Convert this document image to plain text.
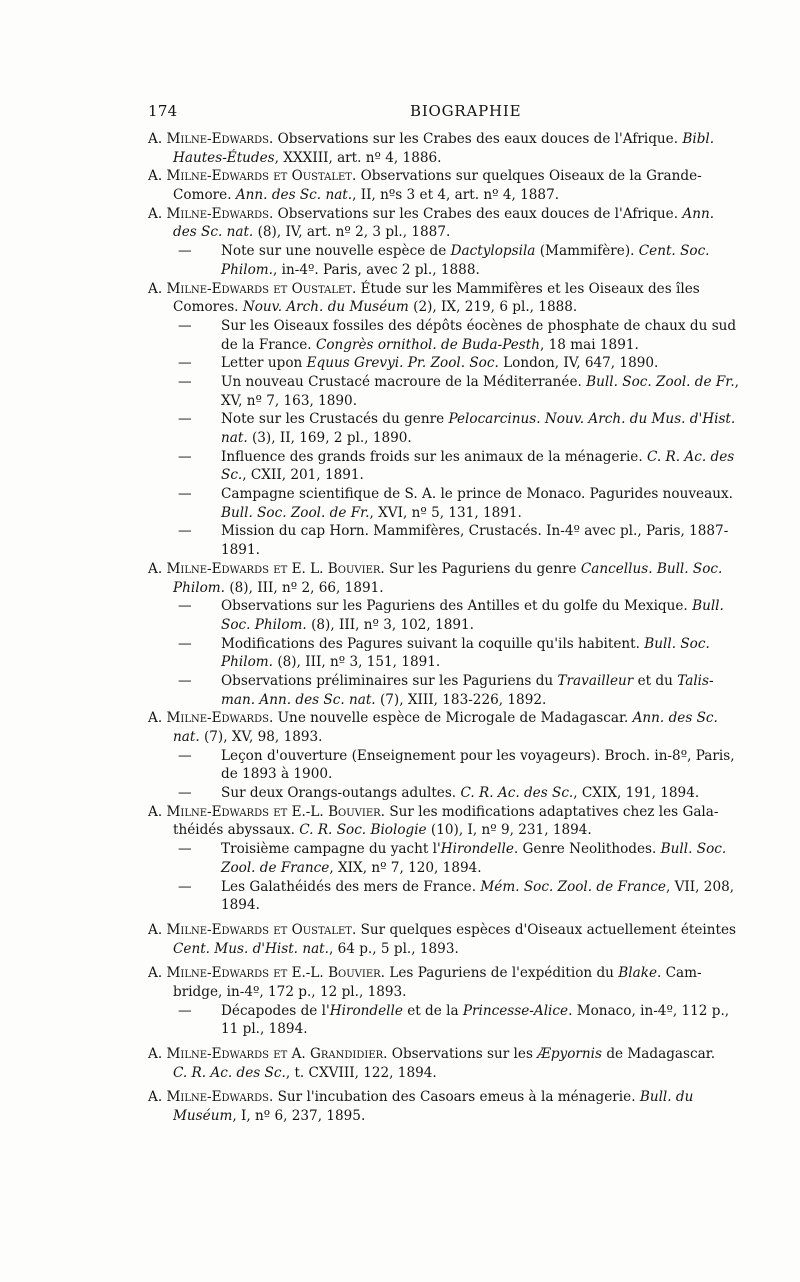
174	BIOGRAPHIE
A. Milne-Edwards. Observations sur les Crabes des eaux douces de l'Afrique. Bibl.
Hautes-Études, XXXIII, art. nº 4, 1886.
A. Milne-Edwards et Oustalet. Observations sur quelques Oiseaux de la Grande-
Comore. Ann. des Sc. nat., II, nºs 3 et 4, art. nº 4, 1887.
A. Milne-Edwards. Observations sur les Crabes des eaux douces de l'Afrique. Ann.
des Sc. nat. (8), IV, art. nº 2, 3 pl., 1887.
— Note sur une nouvelle espèce de Dactylopsila (Mammifère). Cent. Soc.
Philom., in-4º. Paris, avec 2 pl., 1888.
A. Milne-Edwards et Oustalet. Étude sur les Mammifères et les Oiseaux des îles
Comores. Nouv. Arch. du Muséum (2), IX, 219, 6 pl., 1888.
— Sur les Oiseaux fossiles des dépôts éocènes de phosphate de chaux du sud
de la France. Congrès ornithol. de Buda-Pesth, 18 mai 1891.
— Letter upon Equus Grevyi. Pr. Zool. Soc. London, IV, 647, 1890.
— Un nouveau Crustacé macroure de la Méditerranée. Bull. Soc. Zool. de Fr.,
XV, nº 7, 163, 1890.
— Note sur les Crustacés du genre Pelocarcinus. Nouv. Arch. du Mus. d'Hist.
nat. (3), II, 169, 2 pl., 1890.
— Influence des grands froids sur les animaux de la ménagerie. C. R. Ac. des
Sc., CXII, 201, 1891.
— Campagne scientifique de S. A. le prince de Monaco. Pagurides nouveaux.
Bull. Soc. Zool. de Fr., XVI, nº 5, 131, 1891.
— Mission du cap Horn. Mammifères, Crustacés. In-4º avec pl., Paris, 1887-
1891.
A. Milne-Edwards et E. L. Bouvier. Sur les Paguriens du genre Cancellus. Bull. Soc.
Philom. (8), III, nº 2, 66, 1891.
— Observations sur les Paguriens des Antilles et du golfe du Mexique. Bull.
Soc. Philom. (8), III, nº 3, 102, 1891.
— Modifications des Pagures suivant la coquille qu'ils habitent. Bull. Soc.
Philom. (8), III, nº 3, 151, 1891.
— Observations préliminaires sur les Paguriens du Travailleur et du Talis-
man. Ann. des Sc. nat. (7), XIII, 183-226, 1892.
A. Milne-Edwards. Une nouvelle espèce de Microgale de Madagascar. Ann. des Sc.
nat. (7), XV, 98, 1893.
— Leçon d'ouverture (Enseignement pour les voyageurs). Broch. in-8º, Paris,
de 1893 à 1900.
— Sur deux Orangs-outangs adultes. C. R. Ac. des Sc., CXIX, 191, 1894.
A. Milne-Edwards et E.-L. Bouvier. Sur les modifications adaptatives chez les Gala-
théidés abyssaux. C. R. Soc. Biologie (10), I, nº 9, 231, 1894.
— Troisième campagne du yacht l'Hirondelle. Genre Neolithodes. Bull. Soc.
Zool. de France, XIX, nº 7, 120, 1894.
— Les Galathéidés des mers de France. Mém. Soc. Zool. de France, VII, 208,
1894.
A. Milne-Edwards et Oustalet. Sur quelques espèces d'Oiseaux actuellement éteintes
Cent. Mus. d'Hist. nat., 64 p., 5 pl., 1893.
A. Milne-Edwards et E.-L. Bouvier. Les Paguriens de l'expédition du Blake. Cam-
bridge, in-4º, 172 p., 12 pl., 1893.
— Décapodes de l'Hirondelle et de la Princesse-Alice. Monaco, in-4º, 112 p.,
11 pl., 1894.
A. Milne-Edwards et A. Grandidier. Observations sur les Æpyornis de Madagascar.
C. R. Ac. des Sc., t. CXVIII, 122, 1894.
A. Milne-Edwards. Sur l'incubation des Casoars emeus à la ménagerie. Bull. du
Muséum, I, nº 6, 237, 1895.
